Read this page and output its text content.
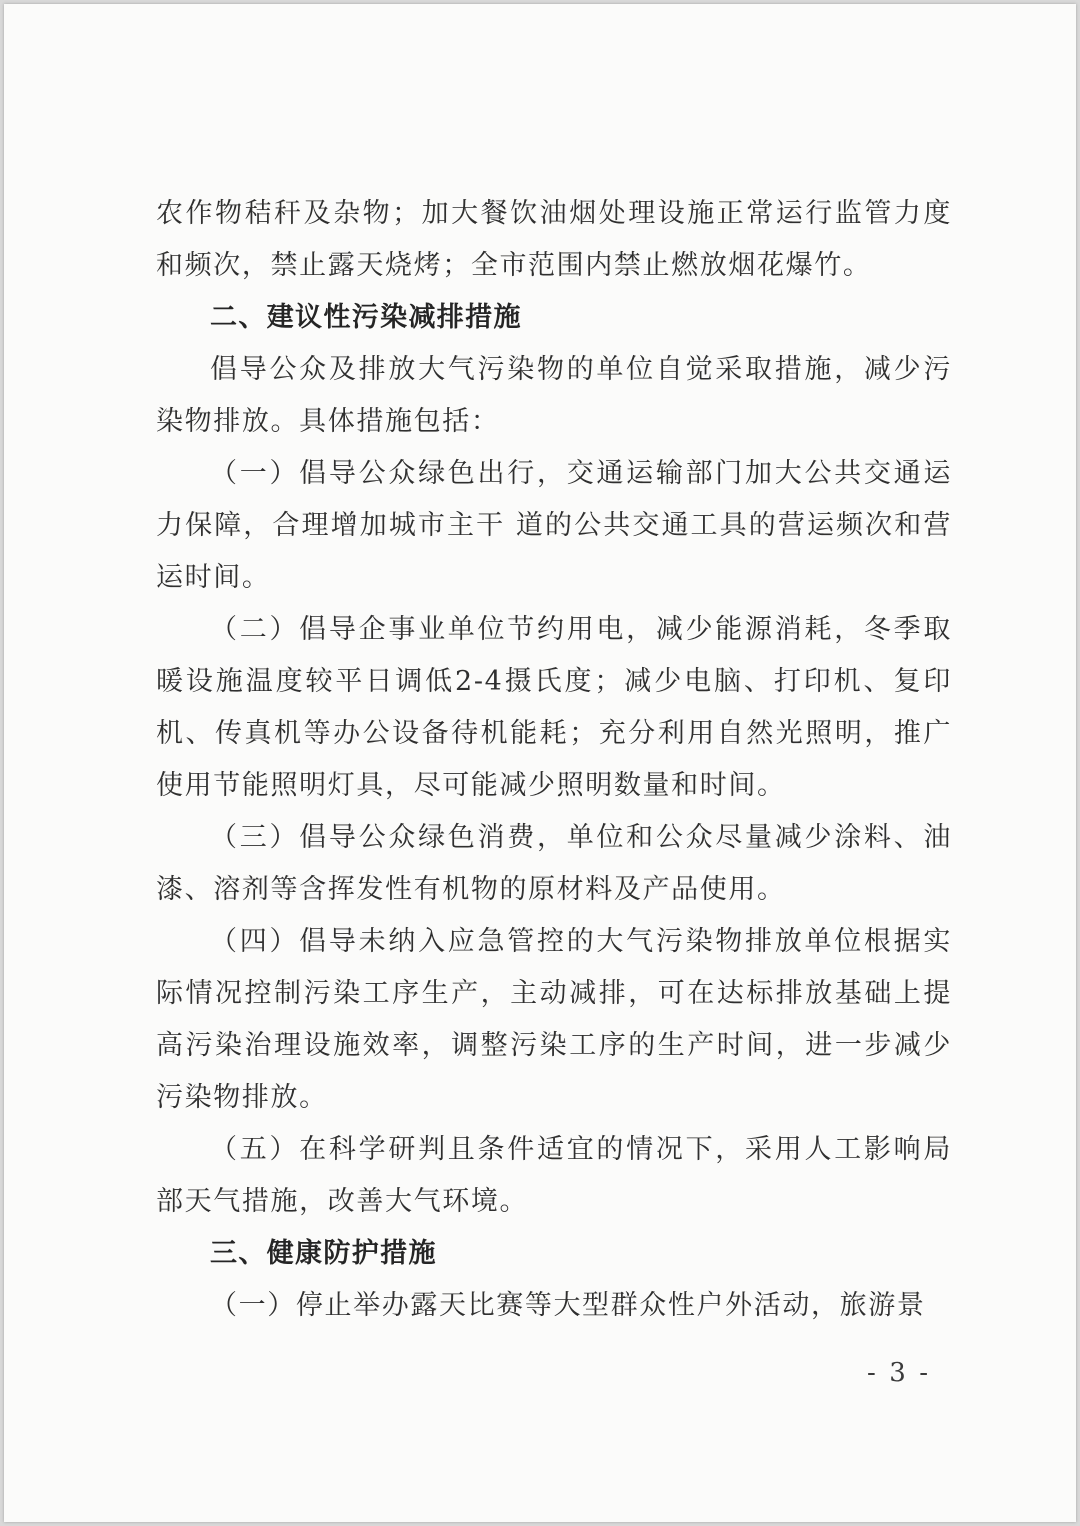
农作物秸秆及杂物；加大餐饮油烟处理设施正常运行监管力度和频次，禁止露天烧烤；全市范围内禁止燃放烟花爆竹。

二、建议性污染减排措施

倡导公众及排放大气污染物的单位自觉采取措施，减少污染物排放。具体措施包括：

（一）倡导公众绿色出行，交通运输部门加大公共交通运力保障，合理增加城市主干 道的公共交通工具的营运频次和营运时间。

（二）倡导企事业单位节约用电，减少能源消耗，冬季取暖设施温度较平日调低2-4摄氏度；减少电脑、打印机、复印机、传真机等办公设备待机能耗；充分利用自然光照明，推广使用节能照明灯具，尽可能减少照明数量和时间。

（三）倡导公众绿色消费，单位和公众尽量减少涂料、油漆、溶剂等含挥发性有机物的原材料及产品使用。

（四）倡导未纳入应急管控的大气污染物排放单位根据实际情况控制污染工序生产，主动减排，可在达标排放基础上提高污染治理设施效率，调整污染工序的生产时间，进一步减少污染物排放。

（五）在科学研判且条件适宜的情况下，采用人工影响局部天气措施，改善大气环境。

三、健康防护措施

（一）停止举办露天比赛等大型群众性户外活动，旅游景

- 3 -
